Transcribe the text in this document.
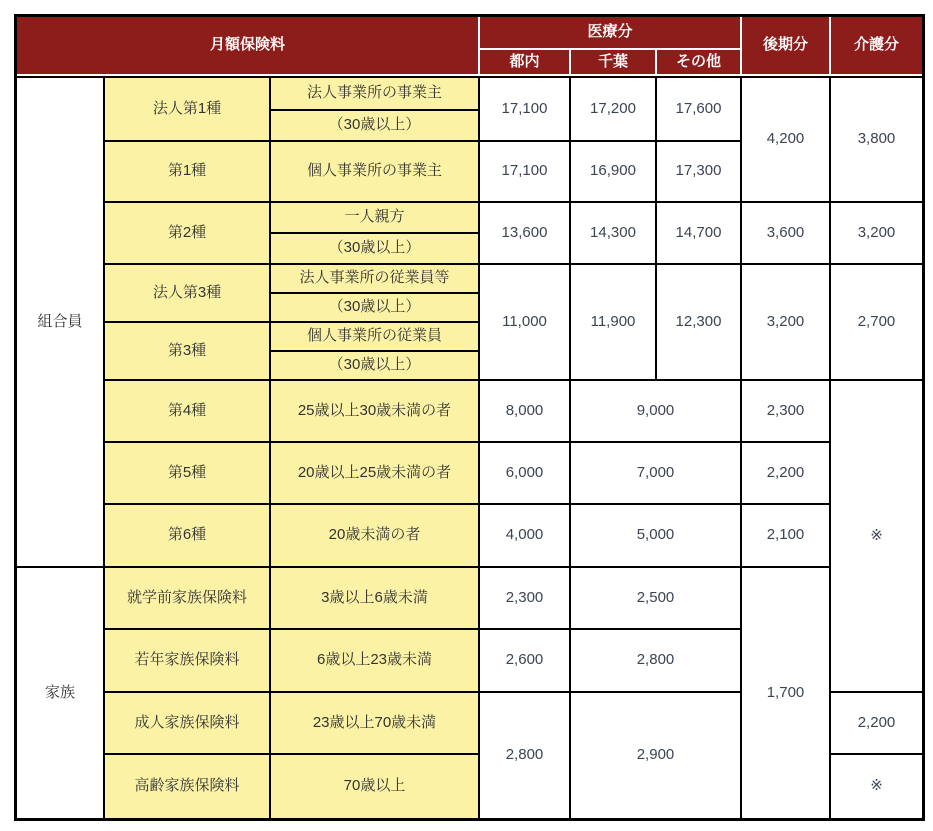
月額保険料			医療分			後期分	介護分
			都内	千葉	その他		
組合員	法人第1種	法人事業所の事業主	17,100	17,200	17,600	4,200	3,800
		（30歳以上）					
	第1種	個人事業所の事業主	17,100	16,900	17,300		
	第2種	一人親方	13,600	14,300	14,700	3,600	3,200
		（30歳以上）					
	法人第3種	法人事業所の従業員等	11,000	11,900	12,300	3,200	2,700
		（30歳以上）					
	第3種	個人事業所の従業員					
		（30歳以上）					
	第4種	25歳以上30歳未満の者	8,000	9,000		2,300	※
	第5種	20歳以上25歳未満の者	6,000	7,000		2,200	
	第6種	20歳未満の者	4,000	5,000		2,100	
家族	就学前家族保険料	3歳以上6歳未満	2,300	2,500		1,700	
	若年家族保険料	6歳以上23歳未満	2,600	2,800			
	成人家族保険料	23歳以上70歳未満	2,800	2,900			2,200
	高齢家族保険料	70歳以上					※
